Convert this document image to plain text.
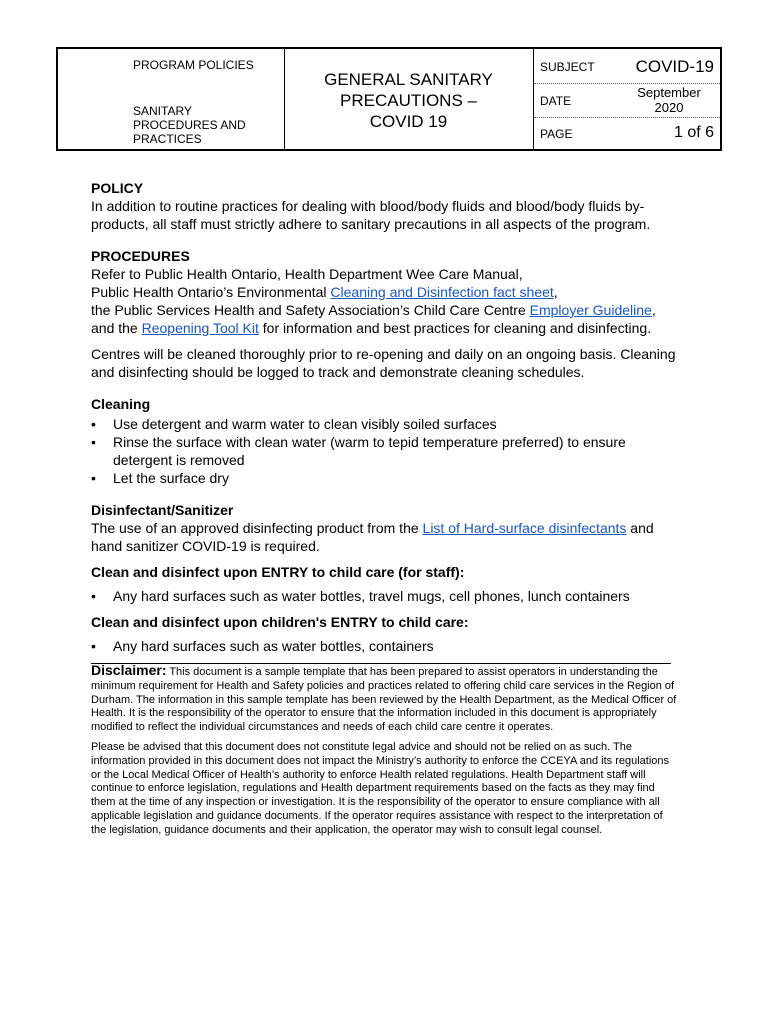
PROGRAM POLICIES
SANITARY PROCEDURES AND PRACTICES
GENERAL SANITARY
PRECAUTIONS –
COVID 19
SUBJECT COVID-19
DATE
September
2020
PAGE	1 of 6
POLICY

In addition to routine practices for dealing with blood/body fluids and blood/body fluids by-products, all staff must strictly adhere to sanitary precautions in all aspects of the program.

PROCEDURES

Refer to Public Health Ontario, Health Department Wee Care Manual,
Public Health Ontario’s Environmental Cleaning and Disinfection fact sheet,
the Public Services Health and Safety Association’s Child Care Centre Employer Guideline, and the Reopening Tool Kit for information and best practices for cleaning and disinfecting.

Centres will be cleaned thoroughly prior to re-opening and daily on an ongoing basis. Cleaning and disinfecting should be logged to track and demonstrate cleaning schedules.

Cleaning
• Use detergent and warm water to clean visibly soiled surfaces
• Rinse the surface with clean water (warm to tepid temperature preferred) to ensure detergent is removed
• Let the surface dry
Disinfectant/Sanitizer

The use of an approved disinfecting product from the List of Hard-surface disinfectants and hand sanitizer COVID-19 is required.

Clean and disinfect upon ENTRY to child care (for staff):
• Any hard surfaces such as water bottles, travel mugs, cell phones, lunch containers
Clean and disinfect upon children's ENTRY to child care:
• Any hard surfaces such as water bottles, containers

Disclaimer: This document is a sample template that has been prepared to assist operators in understanding the minimum requirement for Health and Safety policies and practices related to offering child care services in the Region of Durham. The information in this sample template has been reviewed by the Health Department, as the Medical Officer of Health. It is the responsibility of the operator to ensure that the information included in this document is appropriately modified to reflect the individual circumstances and needs of each child care centre it operates.

Please be advised that this document does not constitute legal advice and should not be relied on as such. The information provided in this document does not impact the Ministry’s authority to enforce the CCEYA and its regulations or the Local Medical Officer of Health’s authority to enforce Health related regulations. Health Department staff will continue to enforce legislation, regulations and Health department requirements based on the facts as they may find them at the time of any inspection or investigation. It is the responsibility of the operator to ensure compliance with all applicable legislation and guidance documents. If the operator requires assistance with respect to the interpretation of the legislation, guidance documents and their application, the operator may wish to consult legal counsel.
